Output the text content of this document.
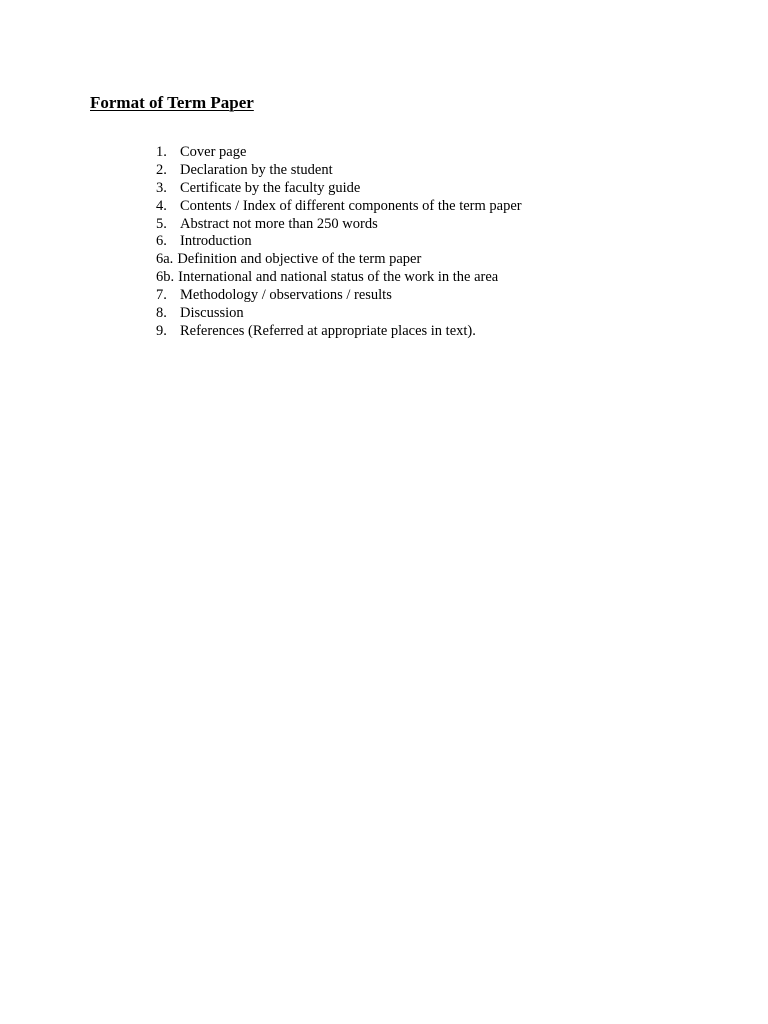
Format of Term Paper
1. Cover page
2. Declaration by the student
3. Certificate by the faculty guide
4. Contents / Index of different components of the term paper
5. Abstract not more than 250 words
6. Introduction
6a. Definition and objective of the term paper
6b. International and national status of the work in the area
7. Methodology / observations / results
8. Discussion
9. References (Referred at appropriate places in text).
